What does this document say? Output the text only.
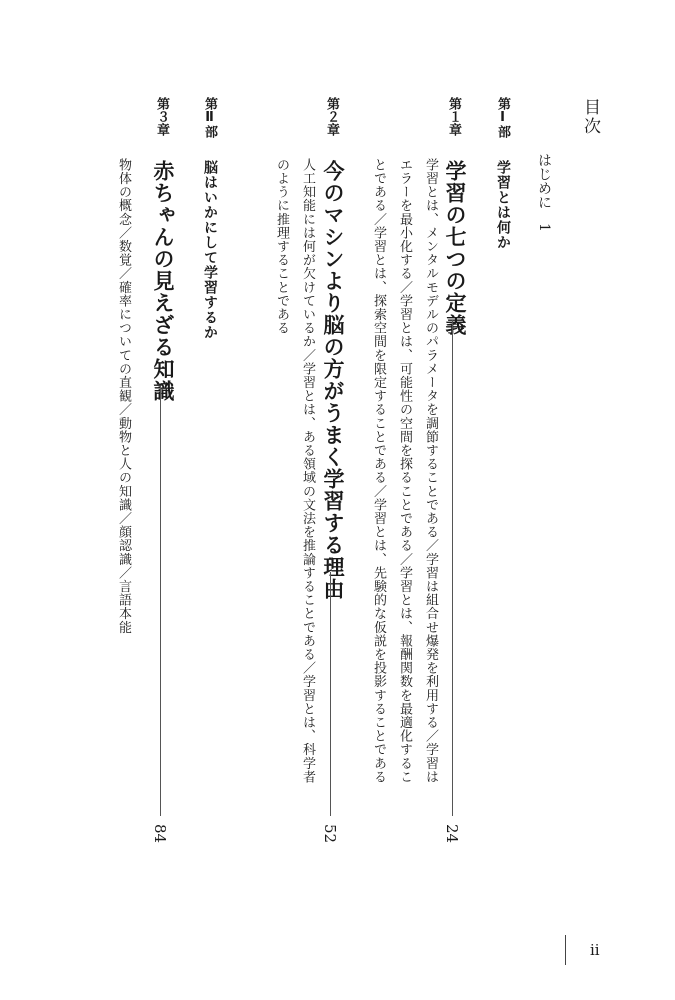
目次
はじめに1
第Ⅰ部
学習とは何か
第１章
学習の七つの定義
24
学習とは、メンタルモデルのパラメータを調節することである／学習は組合せ爆発を利用する／学習は
エラーを最小化する／学習とは、可能性の空間を探ることである／学習とは、報酬関数を最適化するこ
とである／学習とは、探索空間を限定することである／学習とは、先験的な仮説を投影することである
第２章
今のマシンより脳の方がうまく学習する理由
52
人工知能には何が欠けているか／学習とは、ある領域の文法を推論することである／学習とは、科学者
のように推理することである
第Ⅱ部
脳はいかにして学習するか
第３章
赤ちゃんの見えざる知識
84
物体の概念／数覚／確率についての直観／動物と人の知識／顔認識／言語本能
ii
